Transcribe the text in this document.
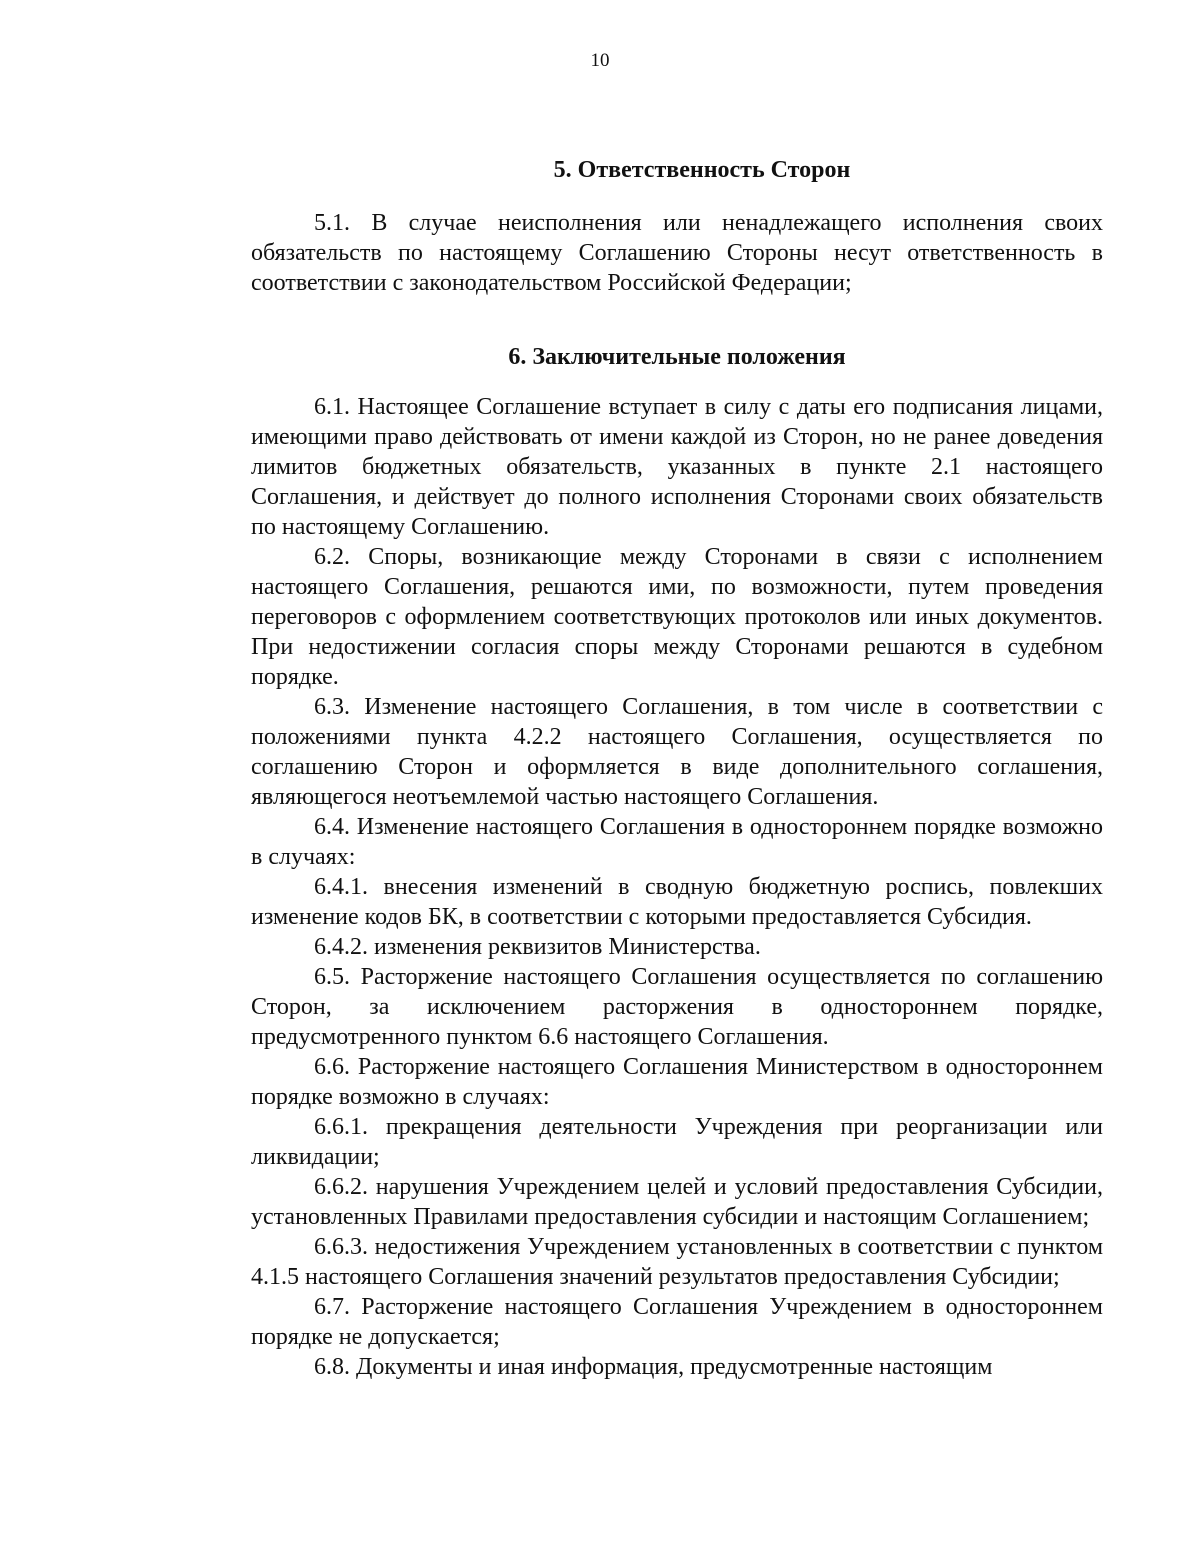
10
5. Ответственность Сторон

5.1. В случае неисполнения или ненадлежащего исполнения своих обязательств по настоящему Соглашению Стороны несут ответственность в соответствии с законодательством Российской Федерации;

6. Заключительные положения

6.1. Настоящее Соглашение вступает в силу с даты его подписания лицами, имеющими право действовать от имени каждой из Сторон, но не ранее доведения лимитов бюджетных обязательств, указанных в пункте 2.1 настоящего Соглашения, и действует до полного исполнения Сторонами своих обязательств по настоящему Соглашению.

6.2. Споры, возникающие между Сторонами в связи с исполнением настоящего Соглашения, решаются ими, по возможности, путем проведения переговоров с оформлением соответствующих протоколов или иных документов. При недостижении согласия споры между Сторонами решаются в судебном порядке.

6.3. Изменение настоящего Соглашения, в том числе в соответствии с положениями пункта 4.2.2 настоящего Соглашения, осуществляется по соглашению Сторон и оформляется в виде дополнительного соглашения, являющегося неотъемлемой частью настоящего Соглашения.

6.4. Изменение настоящего Соглашения в одностороннем порядке возможно в случаях:

6.4.1. внесения изменений в сводную бюджетную роспись, повлекших изменение кодов БК, в соответствии с которыми предоставляется Субсидия.

6.4.2. изменения реквизитов Министерства.

6.5. Расторжение настоящего Соглашения осуществляется по соглашению Сторон, за исключением расторжения в одностороннем порядке, предусмотренного пунктом 6.6 настоящего Соглашения.

6.6. Расторжение настоящего Соглашения Министерством в одностороннем порядке возможно в случаях:

6.6.1. прекращения деятельности Учреждения при реорганизации или ликвидации;

6.6.2. нарушения Учреждением целей и условий предоставления Субсидии, установленных Правилами предоставления субсидии и настоящим Соглашением;

6.6.3. недостижения Учреждением установленных в соответствии с пунктом 4.1.5 настоящего Соглашения значений результатов предоставления Субсидии;

6.7. Расторжение настоящего Соглашения Учреждением в одностороннем порядке не допускается;

6.8. Документы и иная информация, предусмотренные настоящим
